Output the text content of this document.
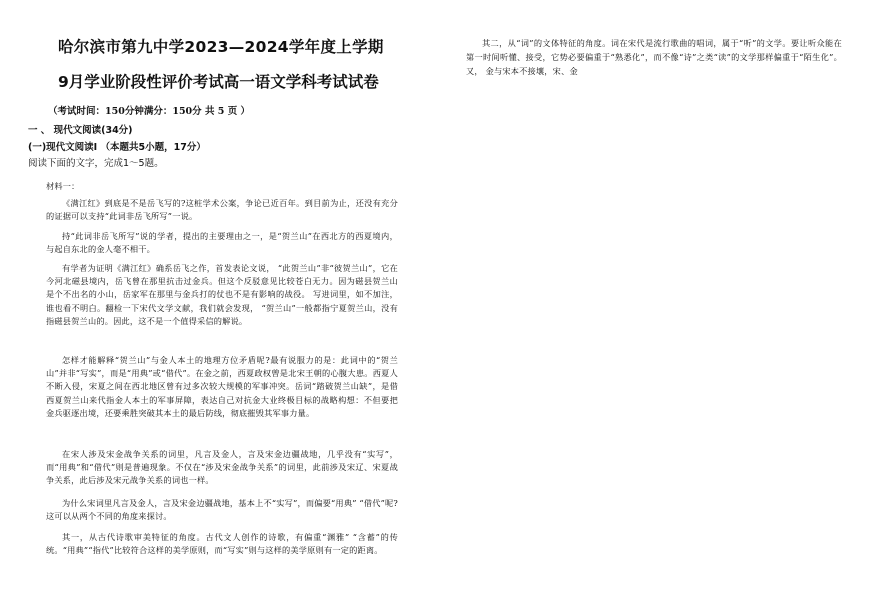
哈尔滨市第九中学2023—2024学年度上学期
9月学业阶段性评价考试高一语文学科考试试卷
（考试时间：150分钟满分：150分 共 5 页 ）
一 、 现代文阅读(34分)
(一)现代文阅读I （本题共5小题，17分）
阅读下面的文字，完成1～5题。

材料一：

《满江红》到底是不是岳飞写的?这桩学术公案，争论已近百年。到目前为止，还没有充分的证据可以支持“此词非岳飞所写”一说。

持“此词非岳飞所写”说的学者，提出的主要理由之一，是“贺兰山”在西北方的西夏境内，与起自东北的金人毫不相干。

有学者为证明《满江红》确系岳飞之作，首发表论文说， “此贺兰山”非“彼贺兰山”，它在今河北磁县境内，岳飞曾在那里抗击过金兵。但这个反驳意见比较苍白无力。因为磁县贺兰山是个不出名的小山，岳家军在那里与金兵打的仗也不是有影响的战役。 写进词里，如不加注，谁也看不明白。翻检一下宋代文学文献，我们就会发现， “贺兰山”一般都指宁夏贺兰山，没有指磁县贺兰山的。因此，这不是一个值得采信的解说。

怎样才能解释“贺兰山”与金人本土的地理方位矛盾呢?最有说服力的是：此词中的“贺兰山”并非“写实”，而是“用典”或“借代”。在金之前，西夏政权曾是北宋王朝的心腹大患。西夏人不断入侵，宋夏之间在西北地区曾有过多次较大规模的军事冲突。岳词“踏破贺兰山缺”，是借西夏贺兰山来代指金人本土的军事屏障，表达自己对抗金大业终极目标的战略构想：不但要把金兵驱逐出境，还要乘胜突破其本土的最后防线，彻底摧毁其军事力量。

在宋人涉及宋金战争关系的词里，凡言及金人，言及宋金边疆战地，几乎没有“实写”，而“用典”和“借代”则是普遍现象。不仅在“涉及宋金战争关系”的词里，此前涉及宋辽、宋夏战争关系，此后涉及宋元战争关系的词也一样。

为什么宋词里凡言及金人，言及宋金边疆战地，基本上不“实写”，而偏要“用典” “借代”呢?这可以从两个不同的角度来探讨。

其一，从古代诗歌审美特征的角度。古代文人创作的诗歌，有偏重“渊雅” “含蓄”的传统。“用典”“指代”比较符合这样的美学原则，而“写实”则与这样的美学原则有一定的距离。

其二，从“词”的文体特征的角度。词在宋代是流行歌曲的唱词，属于“听”的文学。要让听众能在第一时间听懂、接受，它势必要偏重于“熟悉化”，而不像“诗”之类“读”的文学那样偏重于“陌生化”。又， 金与宋本不接壤，宋、金
